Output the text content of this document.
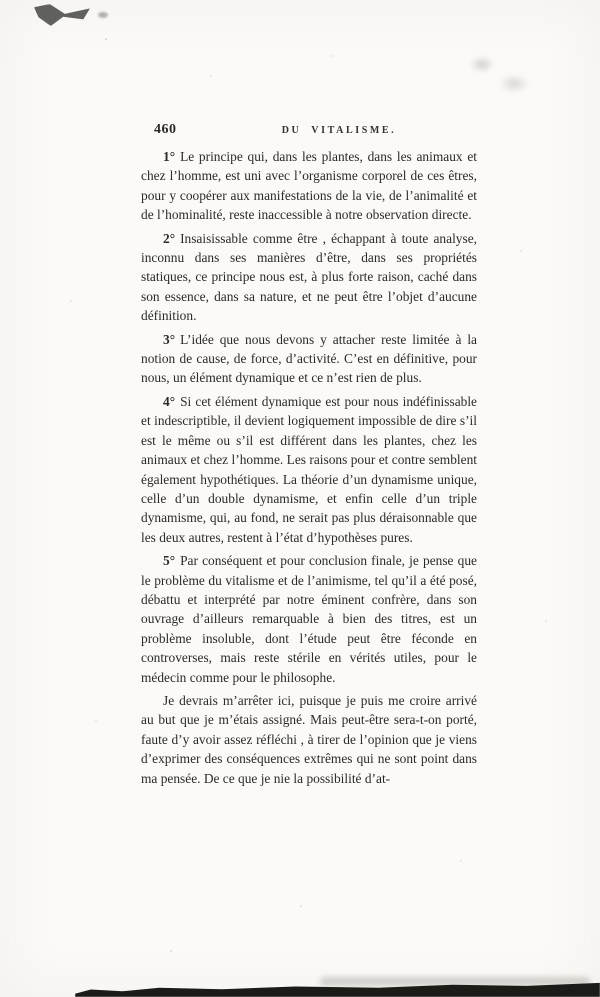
460	DU VITALISME.

1° Le principe qui, dans les plantes, dans les animaux et chez l’homme, est uni avec l’organisme corporel de ces êtres, pour y coopérer aux manifestations de la vie, de l’animalité et de l’hominalité, reste inaccessible à notre observation directe.

2° Insaisissable comme être , échappant à toute analyse, inconnu dans ses manières d’être, dans ses propriétés statiques, ce principe nous est, à plus forte raison, caché dans son essence, dans sa nature, et ne peut être l’objet d’aucune définition.

3° L’idée que nous devons y attacher reste limitée à la notion de cause, de force, d’activité. C’est en définitive, pour nous, un élément dynamique et ce n’est rien de plus.

4° Si cet élément dynamique est pour nous indéfinissable et indescriptible, il devient logiquement impossible de dire s’il est le même ou s’il est différent dans les plantes, chez les animaux et chez l’homme. Les raisons pour et contre semblent également hypothétiques. La théorie d’un dynamisme unique, celle d’un double dynamisme, et enfin celle d’un triple dynamisme, qui, au fond, ne serait pas plus déraisonnable que les deux autres, restent à l’état d’hypothèses pures.

5° Par conséquent et pour conclusion finale, je pense que le problème du vitalisme et de l’animisme, tel qu’il a été posé, débattu et interprété par notre éminent confrère, dans son ouvrage d’ailleurs remarquable à bien des titres, est un problème insoluble, dont l’étude peut être féconde en controverses, mais reste stérile en vérités utiles, pour le médecin comme pour le philosophe.

Je devrais m’arrêter ici, puisque je puis me croire arrivé au but que je m’étais assigné. Mais peut-être sera-t-on porté, faute d’y avoir assez réfléchi , à tirer de l’opinion que je viens d’exprimer des conséquences extrêmes qui ne sont point dans ma pensée. De ce que je nie la possibilité d’at-
